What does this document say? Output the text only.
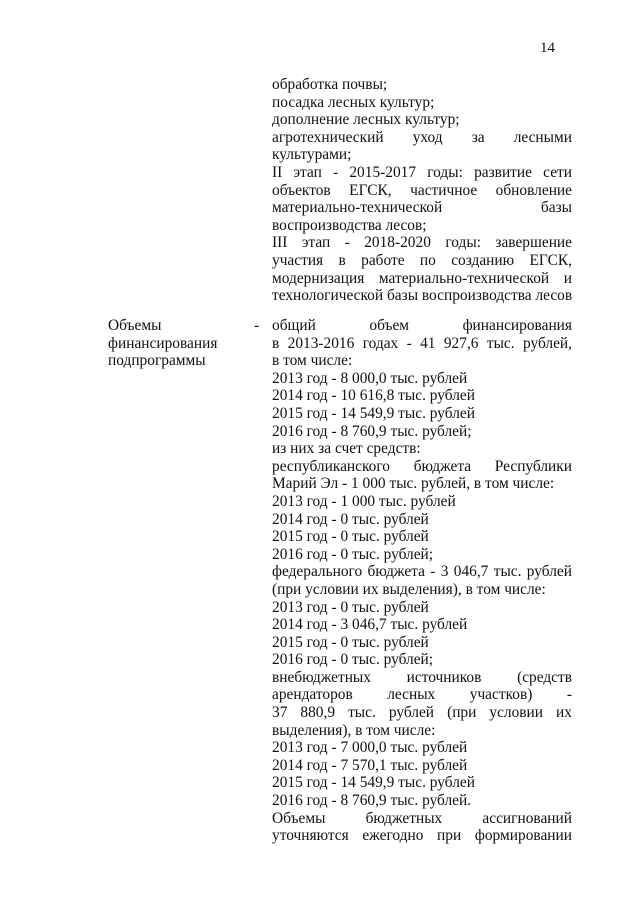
14
обработка почвы;
посадка лесных культур;
дополнение лесных культур;
агротехнический уход за лесными
культурами;
II этап - 2015-2017 годы: развитие сети
объектов ЕГСК, частичное обновление
материально-технической базы
воспроизводства лесов;
III этап - 2018-2020 годы: завершение
участия в работе по созданию ЕГСК,
модернизация материально-технической и
технологической базы воспроизводства лесов
Объемы
финансирования
подпрограммы
- общий объем финансирования
в 2013-2016 годах - 41 927,6 тыс. рублей,
в том числе:
2013 год - 8 000,0 тыс. рублей
2014 год - 10 616,8 тыс. рублей
2015 год - 14 549,9 тыс. рублей
2016 год - 8 760,9 тыс. рублей;
из них за счет средств:
республиканского бюджета Республики
Марий Эл - 1 000 тыс. рублей, в том числе:
2013 год - 1 000 тыс. рублей
2014 год - 0 тыс. рублей
2015 год - 0 тыс. рублей
2016 год - 0 тыс. рублей;
федерального бюджета - 3 046,7 тыс. рублей
(при условии их выделения), в том числе:
2013 год - 0 тыс. рублей
2014 год - 3 046,7 тыс. рублей
2015 год - 0 тыс. рублей
2016 год - 0 тыс. рублей;
внебюджетных источников (средств
арендаторов лесных участков) -
37 880,9 тыс. рублей (при условии их
выделения), в том числе:
2013 год - 7 000,0 тыс. рублей
2014 год - 7 570,1 тыс. рублей
2015 год - 14 549,9 тыс. рублей
2016 год - 8 760,9 тыс. рублей.
Объемы бюджетных ассигнований
уточняются ежегодно при формировании
